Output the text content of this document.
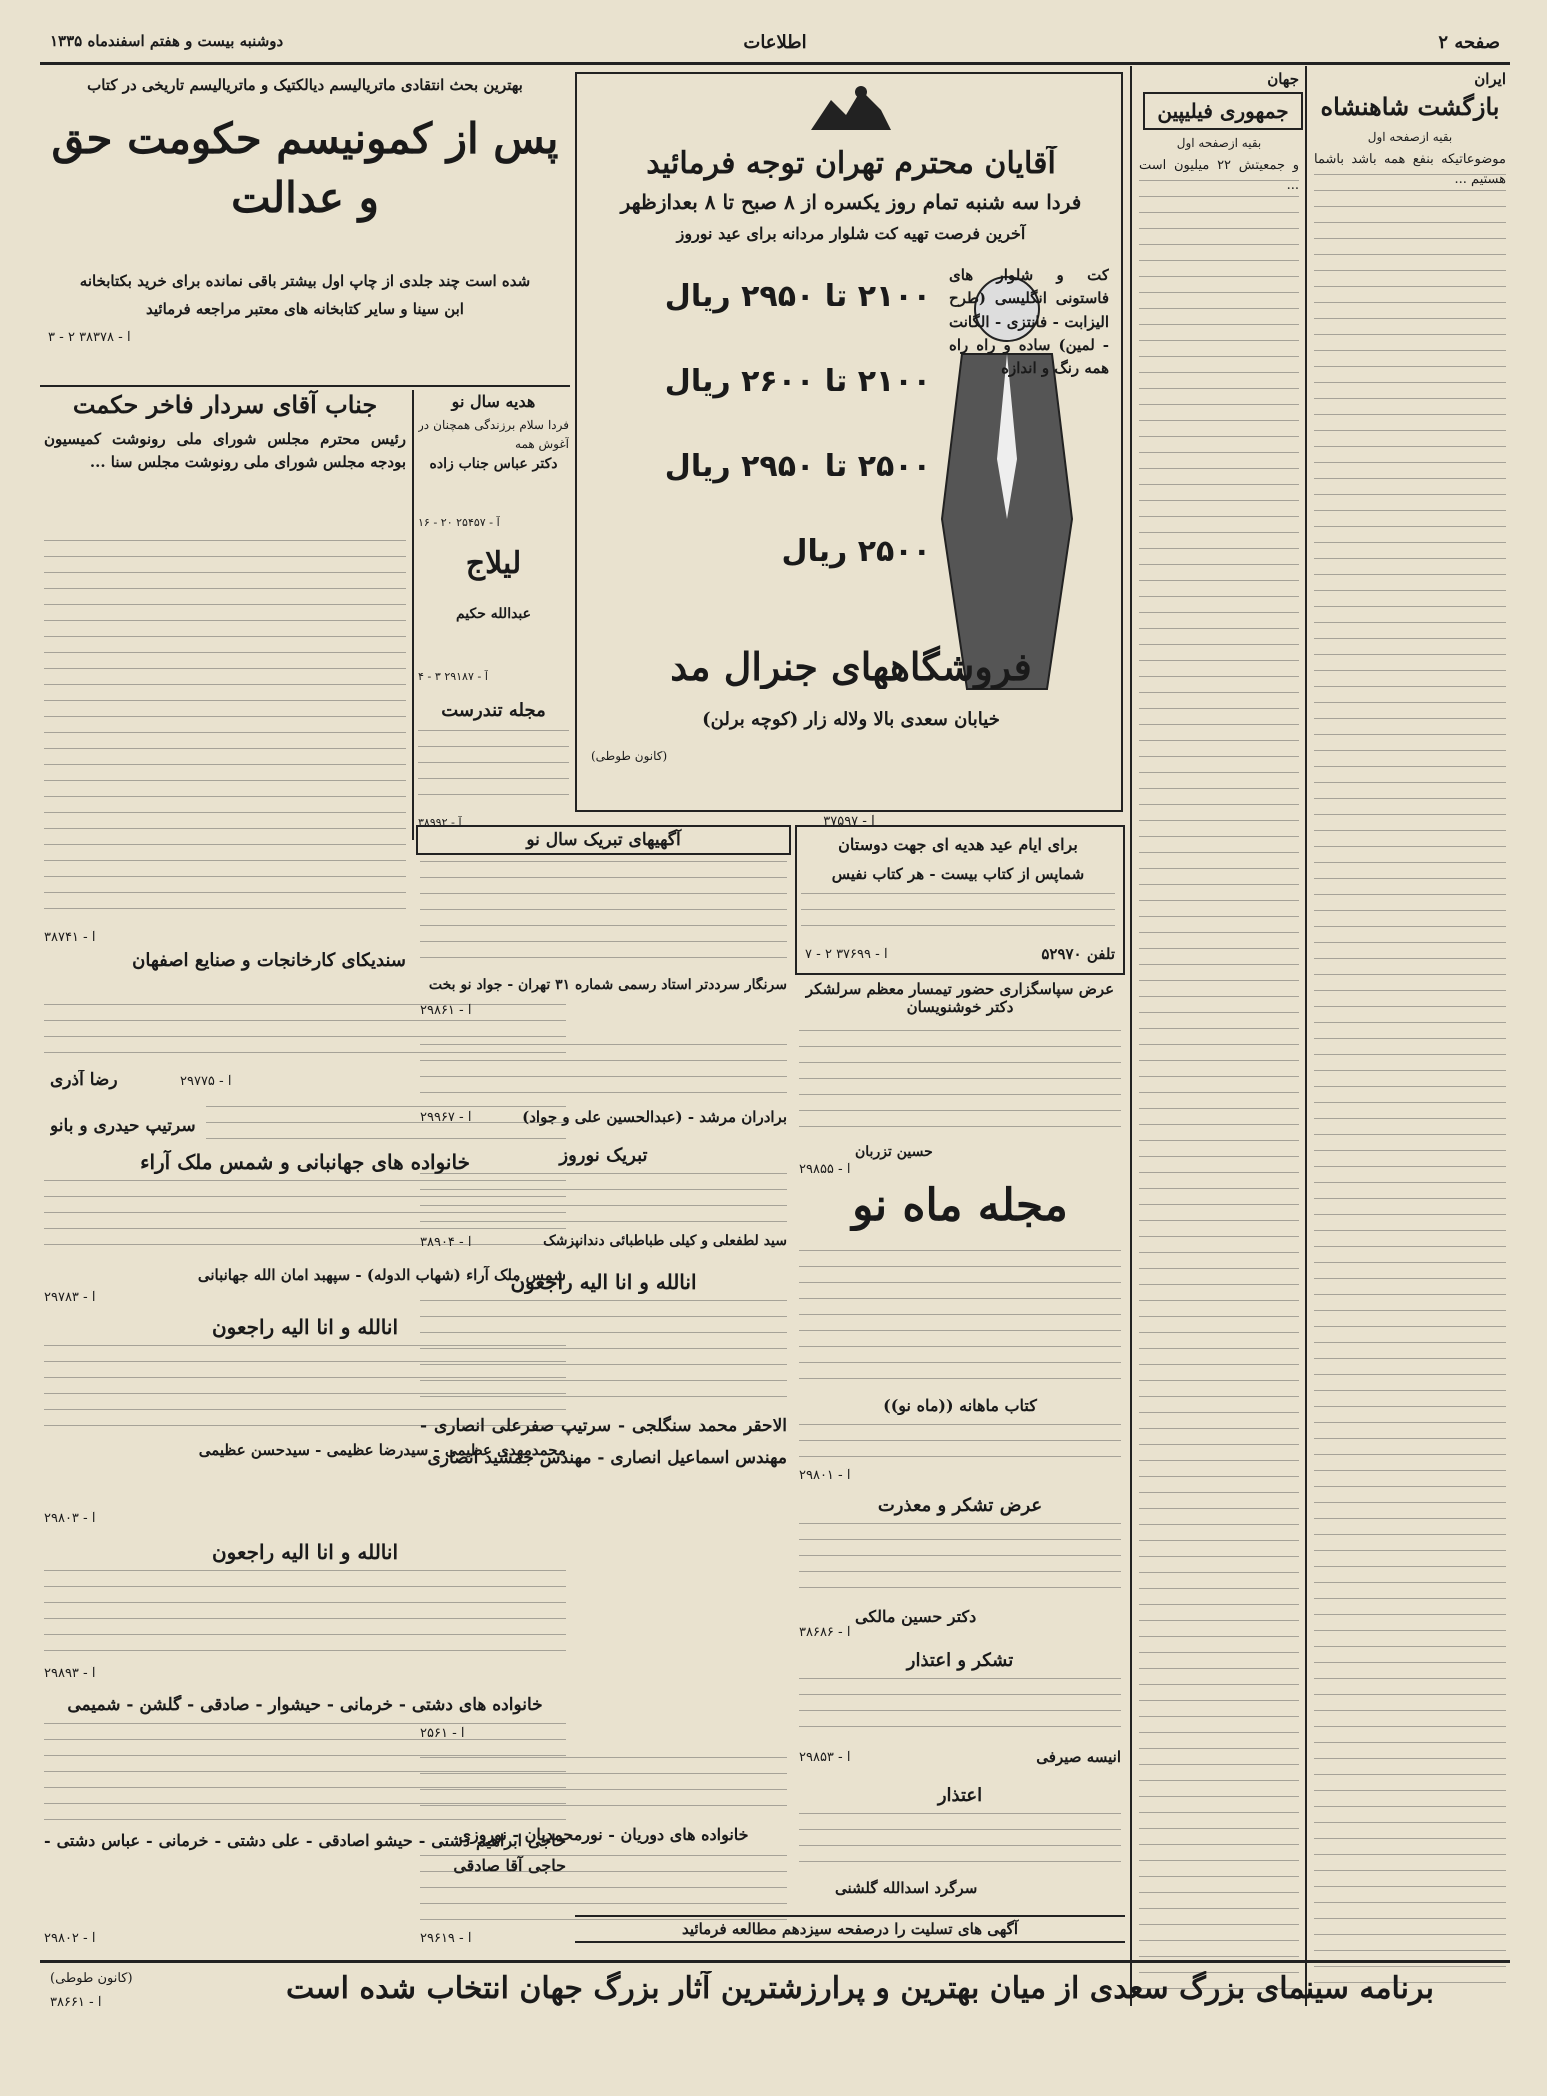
صفحه ۲
اطلاعات
دوشنبه بیست و هفتم اسفندماه ۱۳۳۵
ایران
بازگشت شاهنشاه
بقیه ازصفحه اول
موضوعاتیکه بنفع همه باشد باشما هستیم ...
جهان
جمهوری فیلیپین
بقیه ازصفحه اول
و جمعیتش ۲۲ میلیون است ...
آقایان محترم تهران توجه فرمائید
فردا سه شنبه تمام روز یکسره از ۸ صبح تا ۸ بعدازظهر
آخرین فرصت تهیه کت شلوار مردانه برای عید نوروز
کت و شلوار های فاستونی انگلیسی (طرح الیزابت - فانتزی - الگانت - لمین) ساده و راه راه همه رنگ و اندازه
۲۱۰۰ تا ۲۹۵۰ ریال
۲۱۰۰ تا ۲۶۰۰ ریال
۲۵۰۰ تا ۲۹۵۰ ریال
۲۵۰۰ ریال
فروشگاههای جنرال مد
خیابان سعدی بالا ولاله زار (کوچه برلن)
(کانون طوطی)
آ - ۳۷۵۹۷
بهترین بحث انتقادی ماتریالیسم دیالکتیک و ماتریالیسم تاریخی در کتاب
پس از کمونیسم حکومت حق و عدالت
شده است چند جلدی از چاپ اول بیشتر باقی نمانده برای خرید بکتابخانه
ابن سینا و سایر کتابخانه های معتبر مراجعه فرمائید
آ - ۳۸۳۷۸ ۲ - ۳
جناب آقای سردار فاخر حکمت
رئیس محترم مجلس شورای ملی رونوشت کمیسیون بودجه مجلس شورای ملی رونوشت مجلس سنا ...
آ - ۳۸۷۴۱
سندیکای کارخانجات و صنایع اصفهان
هدیه سال نو
فردا سلام برزندگی همچنان در آغوش همه
دکتر عباس جناب زاده
آ - ۲۵۴۵۷ ۲۰ - ۱۶
لیلاج
عبدالله حکیم
آ - ۲۹۱۸۷ ۳ - ۴
مجله تندرست
آ - ۳۸۹۹۲
رضا آذری	آ - ۲۹۷۷۵
سرتیپ حیدری و بانو
خانواده های جهانبانی و شمس ملک آراء
شمس ملک آراء (شهاب الدوله) - سپهبد امان الله جهانبانی
آ - ۲۹۷۸۳
انالله و انا الیه راجعون
محمدمهدی عظیمی - سیدرضا عظیمی - سیدحسن عظیمی
آ - ۲۹۸۰۳
انالله و انا الیه راجعون
آ - ۲۹۸۹۳
خانواده های دشتی - خرمانی - حیشوار - صادقی - گلشن - شمیمی
حاجی ابراهیم دشتی - حیشو اصادقی - علی دشتی - خرمانی - عباس دشتی - حاجی آقا صادقی
آ - ۲۹۸۰۲
برای ایام عید هدیه ای جهت دوستان
شماپس از کتاب بیست - هر کتاب نفیس
تلفن ۵۲۹۷۰
آ - ۳۷۶۹۹ ۲ - ۷
عرض سپاسگزاری حضور تیمسار معظم سرلشکر دکتر خوشنویسان
حسین تزربان
آ - ۲۹۸۵۵
آگهیهای تبریک سال نو
سرنگار سرددتر استاد رسمی شماره ۳۱ تهران - جواد نو بخت
آ - ۲۹۸۶۱
برادران مرشد - (عبدالحسین علی و جواد)
آ - ۲۹۹۶۷
تبریک نوروز
سید لطفعلی و کیلی طباطبائی دندانپزشک
آ - ۳۸۹۰۴
انالله و انا الیه راجعون
الاحقر محمد سنگلجی - سرتیپ صفرعلی انصاری - مهندس اسماعیل انصاری - مهندس جمشید انصاری
آ - ۲۵۶۱
خانواده های دوریان - نورمحمدیان - نوروزی
آ - ۲۹۶۱۹
مجله ماه نو
کتاب ماهانه ((ماه نو))
آ - ۲۹۸۰۱
عرض تشکر و معذرت
دکتر حسین مالکی
آ - ۳۸۶۸۶
تشکر و اعتذار
انیسه صیرفی
آ - ۲۹۸۵۳
اعتذار
سرگرد اسدالله گلشنی
آگهی های تسلیت را درصفحه سیزدهم مطالعه فرمائید
برنامه سینمای بزرگ سعدی از میان بهترین و پرارزشترین آثار بزرگ جهان انتخاب شده است
(کانون طوطی)
آ - ۳۸۶۶۱
